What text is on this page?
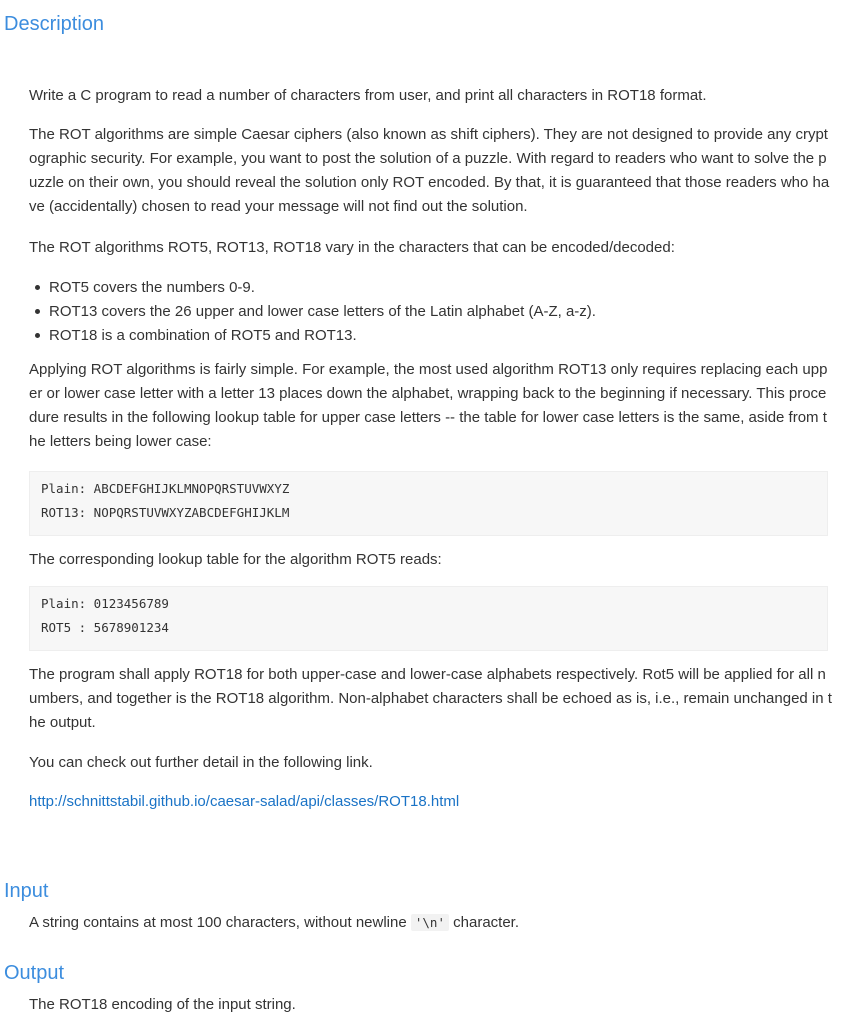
Description

Write a C program to read a number of characters from user, and print all characters in ROT18 format.

The ROT algorithms are simple Caesar ciphers (also known as shift ciphers). They are not designed to provide any cryptographic security. For example, you want to post the solution of a puzzle. With regard to readers who want to solve the puzzle on their own, you should reveal the solution only ROT encoded. By that, it is guaranteed that those readers who have (accidentally) chosen to read your message will not find out the solution.

The ROT algorithms ROT5, ROT13, ROT18 vary in the characters that can be encoded/decoded:

ROT5 covers the numbers 0-9.
ROT13 covers the 26 upper and lower case letters of the Latin alphabet (A-Z, a-z).
ROT18 is a combination of ROT5 and ROT13.

Applying ROT algorithms is fairly simple. For example, the most used algorithm ROT13 only requires replacing each upper or lower case letter with a letter 13 places down the alphabet, wrapping back to the beginning if necessary. This procedure results in the following lookup table for upper case letters -- the table for lower case letters is the same, aside from the letters being lower case:

Plain: ABCDEFGHIJKLMNOPQRSTUVWXYZ
ROT13: NOPQRSTUVWXYZABCDEFGHIJKLM

The corresponding lookup table for the algorithm ROT5 reads:

Plain: 0123456789
ROT5 : 5678901234

The program shall apply ROT18 for both upper-case and lower-case alphabets respectively. Rot5 will be applied for all numbers, and together is the ROT18 algorithm. Non-alphabet characters shall be echoed as is, i.e., remain unchanged in the output.

You can check out further detail in the following link.

http://schnittstabil.github.io/caesar-salad/api/classes/ROT18.html

Input

A string contains at most 100 characters, without newline '\n' character.

Output

The ROT18 encoding of the input string.
